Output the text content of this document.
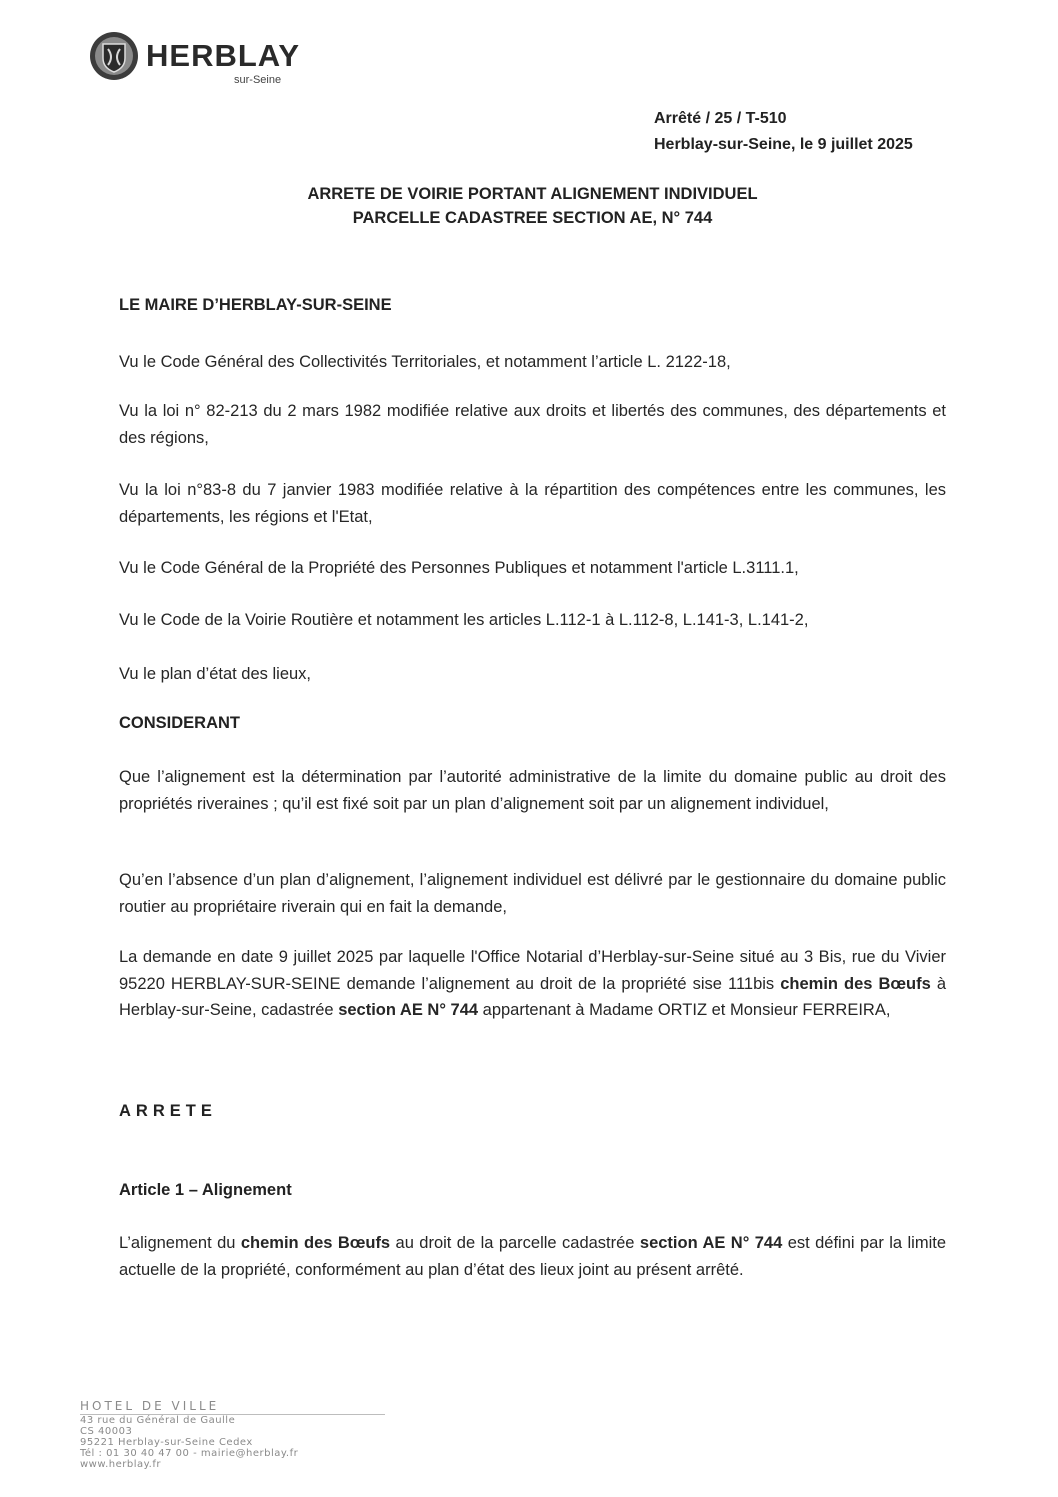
HERBLAY
sur-Seine
Arrêté / 25 / T-510
Herblay-sur-Seine, le 9 juillet 2025
ARRETE DE VOIRIE PORTANT ALIGNEMENT INDIVIDUEL
PARCELLE CADASTREE SECTION AE, N° 744
LE MAIRE D’HERBLAY-SUR-SEINE

Vu le Code Général des Collectivités Territoriales, et notamment l’article L. 2122-18,

Vu la loi n° 82-213 du 2 mars 1982 modifiée relative aux droits et libertés des communes, des départements et des régions,

Vu la loi n°83-8 du 7 janvier 1983 modifiée relative à la répartition des compétences entre les communes, les départements, les régions et l'Etat,

Vu le Code Général de la Propriété des Personnes Publiques et notamment l'article L.3111.1,

Vu le Code de la Voirie Routière et notamment les articles L.112-1 à L.112-8, L.141-3, L.141-2,

Vu le plan d’état des lieux,

CONSIDERANT

Que l’alignement est la détermination par l’autorité administrative de la limite du domaine public au droit des propriétés riveraines ; qu’il est fixé soit par un plan d’alignement soit par un alignement individuel,

Qu’en l’absence d’un plan d’alignement, l’alignement individuel est délivré par le gestionnaire du domaine public routier au propriétaire riverain qui en fait la demande,

La demande en date 9 juillet 2025 par laquelle l'Office Notarial d’Herblay-sur-Seine situé au 3 Bis, rue du Vivier 95220 HERBLAY-SUR-SEINE demande l’alignement au droit de la propriété sise 111bis chemin des Bœufs à Herblay-sur-Seine, cadastrée section AE N° 744 appartenant à Madame ORTIZ et Monsieur FERREIRA,

ARRETE
Article 1 – Alignement

L’alignement du chemin des Bœufs au droit de la parcelle cadastrée section AE N° 744 est défini par la limite actuelle de la propriété, conformément au plan d’état des lieux joint au présent arrêté.

HOTEL DE VILLE
43 rue du Général de Gaulle
CS 40003
95221 Herblay-sur-Seine Cedex
Tél : 01 30 40 47 00 - mairie@herblay.fr
www.herblay.fr
